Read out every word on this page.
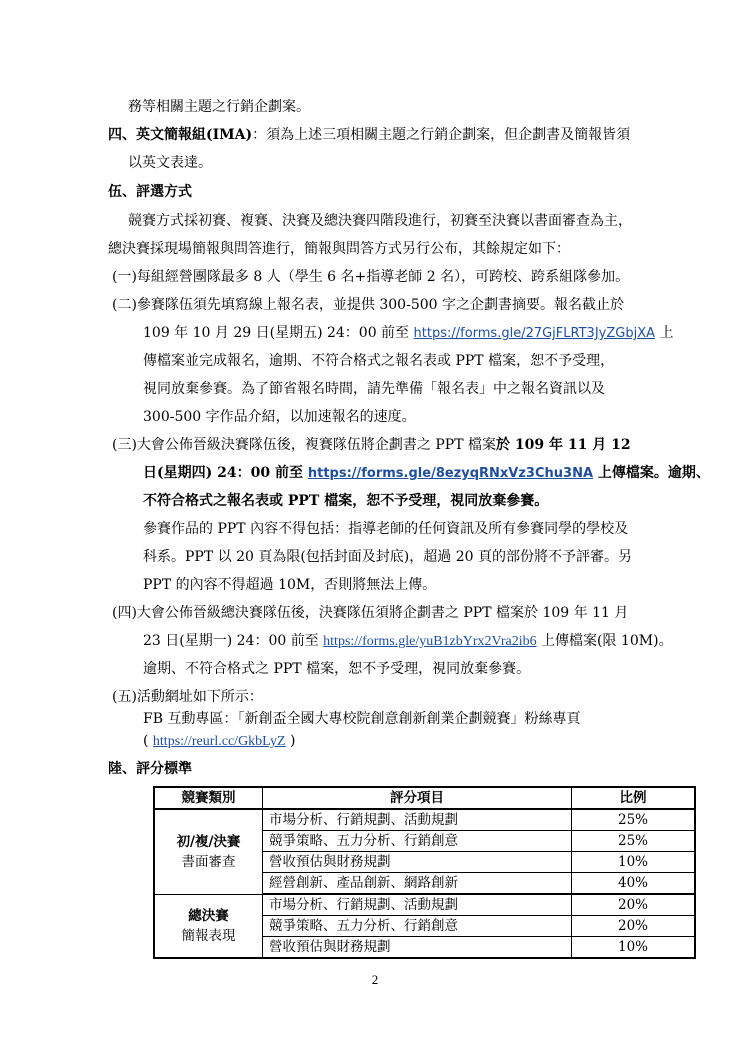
務等相關主題之行銷企劃案。
四、英文簡報組(IMA)：須為上述三項相關主題之行銷企劃案，但企劃書及簡報皆須
以英文表達。
伍、評選方式
競賽方式採初賽、複賽、決賽及總決賽四階段進行，初賽至決賽以書面審查為主，
總決賽採現場簡報與問答進行，簡報與問答方式另行公布，其餘規定如下：
(一)每組經營團隊最多 8 人（學生 6 名+指導老師 2 名），可跨校、跨系組隊參加。
(二)參賽隊伍須先填寫線上報名表，並提供 300-500 字之企劃書摘要。報名截止於
109 年 10 月 29 日(星期五) 24：00 前至 https://forms.gle/27GjFLRT3JyZGbjXA 上
傳檔案並完成報名，逾期、不符合格式之報名表或 PPT 檔案，恕不予受理，
視同放棄參賽。為了節省報名時間，請先準備「報名表」中之報名資訊以及
300-500 字作品介紹，以加速報名的速度。
(三)大會公佈晉級決賽隊伍後，複賽隊伍將企劃書之 PPT 檔案於 109 年 11 月 12
日(星期四) 24：00 前至 https://forms.gle/8ezyqRNxVz3Chu3NA 上傳檔案。逾期、
不符合格式之報名表或 PPT 檔案，恕不予受理，視同放棄參賽。
參賽作品的 PPT 內容不得包括：指導老師的任何資訊及所有參賽同學的學校及
科系。PPT 以 20 頁為限(包括封面及封底)，超過 20 頁的部份將不予評審。另
PPT 的內容不得超過 10M，否則將無法上傳。
(四)大會公佈晉級總決賽隊伍後，決賽隊伍須將企劃書之 PPT 檔案於 109 年 11 月
23 日(星期一) 24：00 前至 https://forms.gle/yuB1zbYrx2Vra2ib6 上傳檔案(限 10M)。
逾期、不符合格式之 PPT 檔案，恕不予受理，視同放棄參賽。
(五)活動網址如下所示：
FB 互動專區：「新創盃全國大專校院創意創新創業企劃競賽」粉絲專頁
( https://reurl.cc/GkbLyZ )
陸、評分標準
競賽類別	評分項目	比例

初/複/決賽
書面審查	市場分析、行銷規劃、活動規劃	25%
	競爭策略、五力分析、行銷創意	25%
	營收預估與財務規劃	10%
	經營創新、產品創新、網路創新	40%

總決賽
簡報表現	市場分析、行銷規劃、活動規劃	20%
	競爭策略、五力分析、行銷創意	20%
	營收預估與財務規劃	10%
2
